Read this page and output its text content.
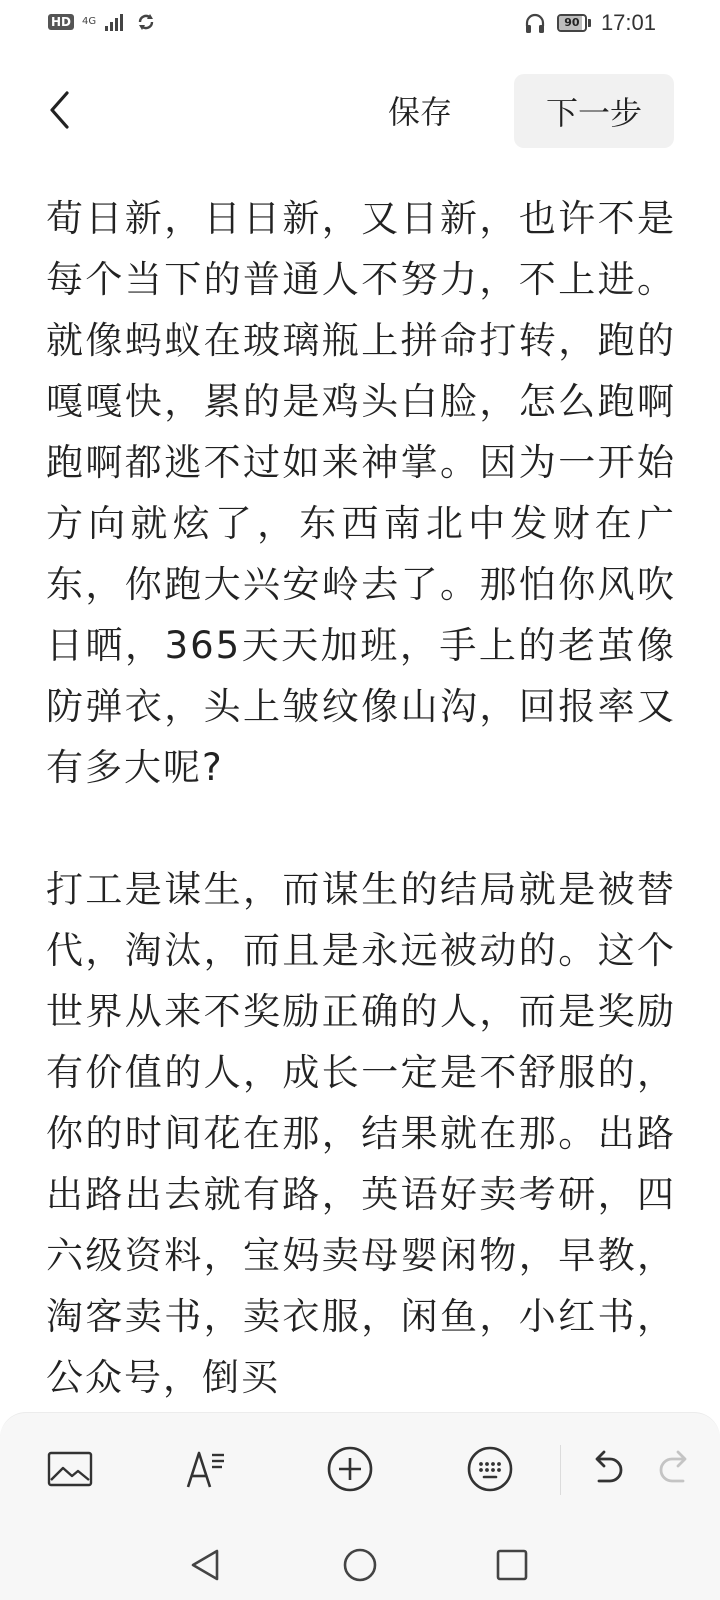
HD	4G	90 17:01
保存	下一步

荀日新，日日新，又日新，也许不是每个当下的普通人不努力，不上进。就像蚂蚁在玻璃瓶上拼命打转，跑的嘎嘎快，累的是鸡头白脸，怎么跑啊跑啊都逃不过如来神掌。因为一开始方向就炫了，东西南北中发财在广东，你跑大兴安岭去了。那怕你风吹日晒，365天天加班，手上的老茧像防弹衣，头上皱纹像山沟，回报率又有多大呢?

打工是谋生，而谋生的结局就是被替代，淘汰，而且是永远被动的。这个世界从来不奖励正确的人，而是奖励有价值的人，成长一定是不舒服的，你的时间花在那，结果就在那。出路出路出去就有路，英语好卖考研，四六级资料，宝妈卖母婴闲物，早教，淘客卖书，卖衣服，闲鱼，小红书，公众号，倒买
